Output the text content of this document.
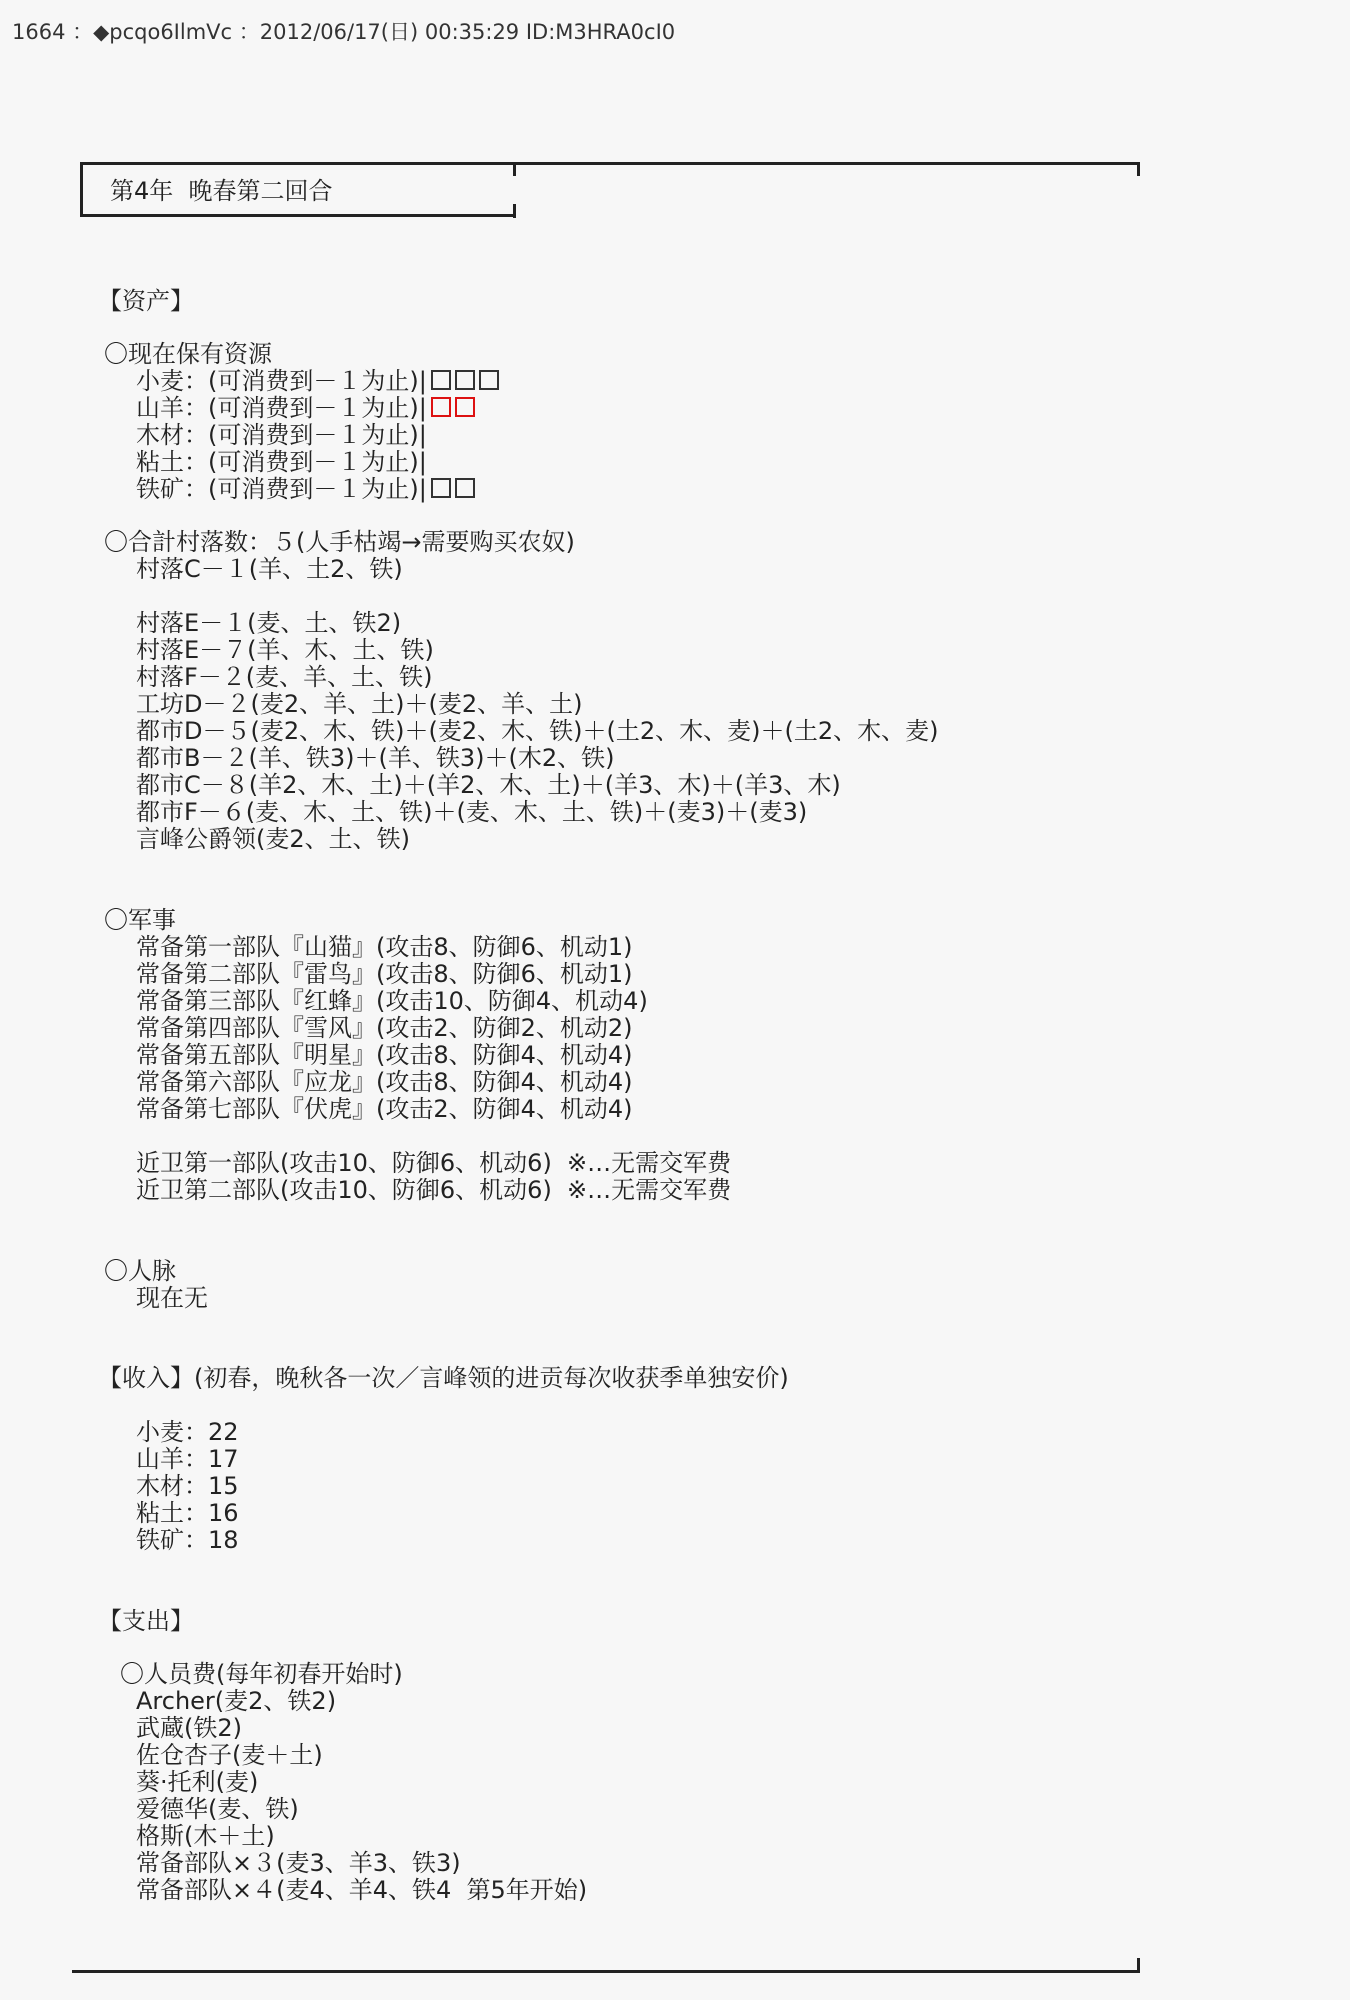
1664 ：◆pcqo6IlmVc ：2012/06/17(日) 00:35:29 ID:M3HRA0cI0
第4年  晚春第二回合
【资产】
〇现在保有资源
小麦：(可消费到－１为止)|
山羊：(可消费到－１为止)|
木材：(可消费到－１为止)|
粘土：(可消费到－１为止)|
铁矿：(可消费到－１为止)|
〇合計村落数：５(人手枯竭→需要购买农奴)
村落C－１(羊、土2、铁)
村落E－１(麦、土、铁2)
村落E－７(羊、木、土、铁)
村落F－２(麦、羊、土、铁)
工坊D－２(麦2、羊、土)＋(麦2、羊、土)
都市D－５(麦2、木、铁)＋(麦2、木、铁)＋(土2、木、麦)＋(土2、木、麦)
都市B－２(羊、铁3)＋(羊、铁3)＋(木2、铁)
都市C－８(羊2、木、土)＋(羊2、木、土)＋(羊3、木)＋(羊3、木)
都市F－６(麦、木、土、铁)＋(麦、木、土、铁)＋(麦3)＋(麦3)
言峰公爵领(麦2、土、铁)
〇军事
常备第一部队『山猫』(攻击8、防御6、机动1)
常备第二部队『雷鸟』(攻击8、防御6、机动1)
常备第三部队『红蜂』(攻击10、防御4、机动4)
常备第四部队『雪风』(攻击2、防御2、机动2)
常备第五部队『明星』(攻击8、防御4、机动4)
常备第六部队『应龙』(攻击8、防御4、机动4)
常备第七部队『伏虎』(攻击2、防御4、机动4)
近卫第一部队(攻击10、防御6、机动6)  ※…无需交军费
近卫第二部队(攻击10、防御6、机动6)  ※…无需交军费
〇人脉
现在无
【收入】(初春，晚秋各一次／言峰领的进贡每次收获季单独安价)
小麦：22
山羊：17
木材：15
粘土：16
铁矿：18
【支出】
〇人员费(每年初春开始时)
Archer(麦2、铁2)
武蔵(铁2)
佐仓杏子(麦＋土)
葵·托利(麦)
爱德华(麦、铁)
格斯(木＋土)
常备部队×３(麦3、羊3、铁3)
常备部队×４(麦4、羊4、铁4  第5年开始)
